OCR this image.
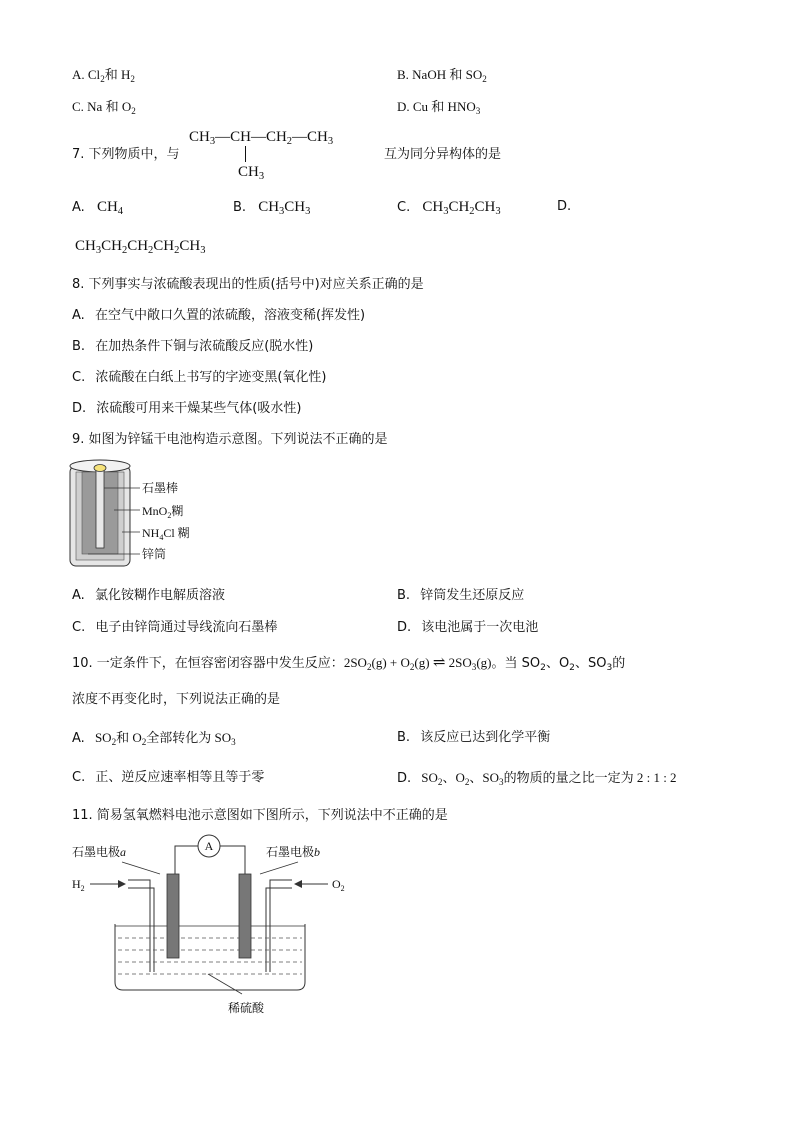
A. $Cl_2$和 $H_2$	B. NaOH 和 $SO_2$
C. Na 和 $O_2$	D. Cu 和 $HNO_3$
7. 下列物质中，与
$CH_3—CH—CH_2—CH_3$
$CH_3$
互为同分异构体的是
A. $CH_4$	B. $CH_3CH_3$	C. $CH_3CH_2CH_3$	D.
$CH_3CH_2CH_2CH_2CH_3$
8. 下列事实与浓硫酸表现出的性质(括号中)对应关系正确的是
A. 在空气中敞口久置的浓硫酸，溶液变稀(挥发性)
B. 在加热条件下铜与浓硫酸反应(脱水性)
C. 浓硫酸在白纸上书写的字迹变黑(氧化性)
D. 浓硫酸可用来干燥某些气体(吸水性)
9. 如图为锌锰干电池构造示意图。下列说法不正确的是
石墨棒
MnO$_2$糊
$NH_4Cl$ 糊
锌筒
A. 氯化铵糊作电解质溶液	B. 锌筒发生还原反应
C. 电子由锌筒通过导线流向石墨棒	D. 该电池属于一次电池
10. 一定条件下，在恒容密闭容器中发生反应：$2SO_2(g) + O_2(g)$ ⇌ $2SO_3(g)$。当 $SO_2$、$O_2$、$SO_3$的
浓度不再变化时，下列说法正确的是
A. $SO_2$和 $O_2$全部转化为 $SO_3$	B. 该反应已达到化学平衡
C. 正、逆反应速率相等且等于零	D. $SO_2$、$O_2$、$SO_3$的物质的量之比一定为 2 : 1 : 2
11. 简易氢氧燃料电池示意图如下图所示，下列说法中不正确的是
A
石墨电极a	石墨电极b
$H_2$	$O_2$
稀硫酸
